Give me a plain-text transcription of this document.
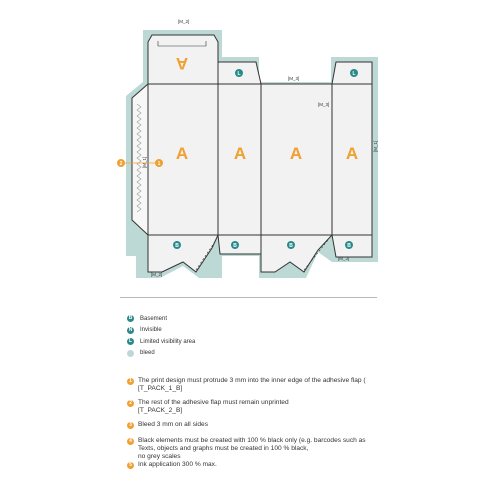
A	A	A	A
A
[M_2]
[M_3]
[M_3]
[M_1]
[M_1]
[M_2]
[M_3]
L	L
B	B	B	B
2	1
B Basement
N Invisible
L	Limited visibility area
bleed
1 The print design must protrude 3 mm into the inner edge of the adhesive flap (
[T_PACK_1_B]
2 The rest of the adhesive flap must remain unprinted
[T_PACK_2_B]
3 Bleed 3 mm on all sides
4 Black elements must be created with 100 % black only (e.g. barcodes such as
Texts, objects and graphs must be created in 100 % black,
no grey scales
5 Ink application 300 % max.
